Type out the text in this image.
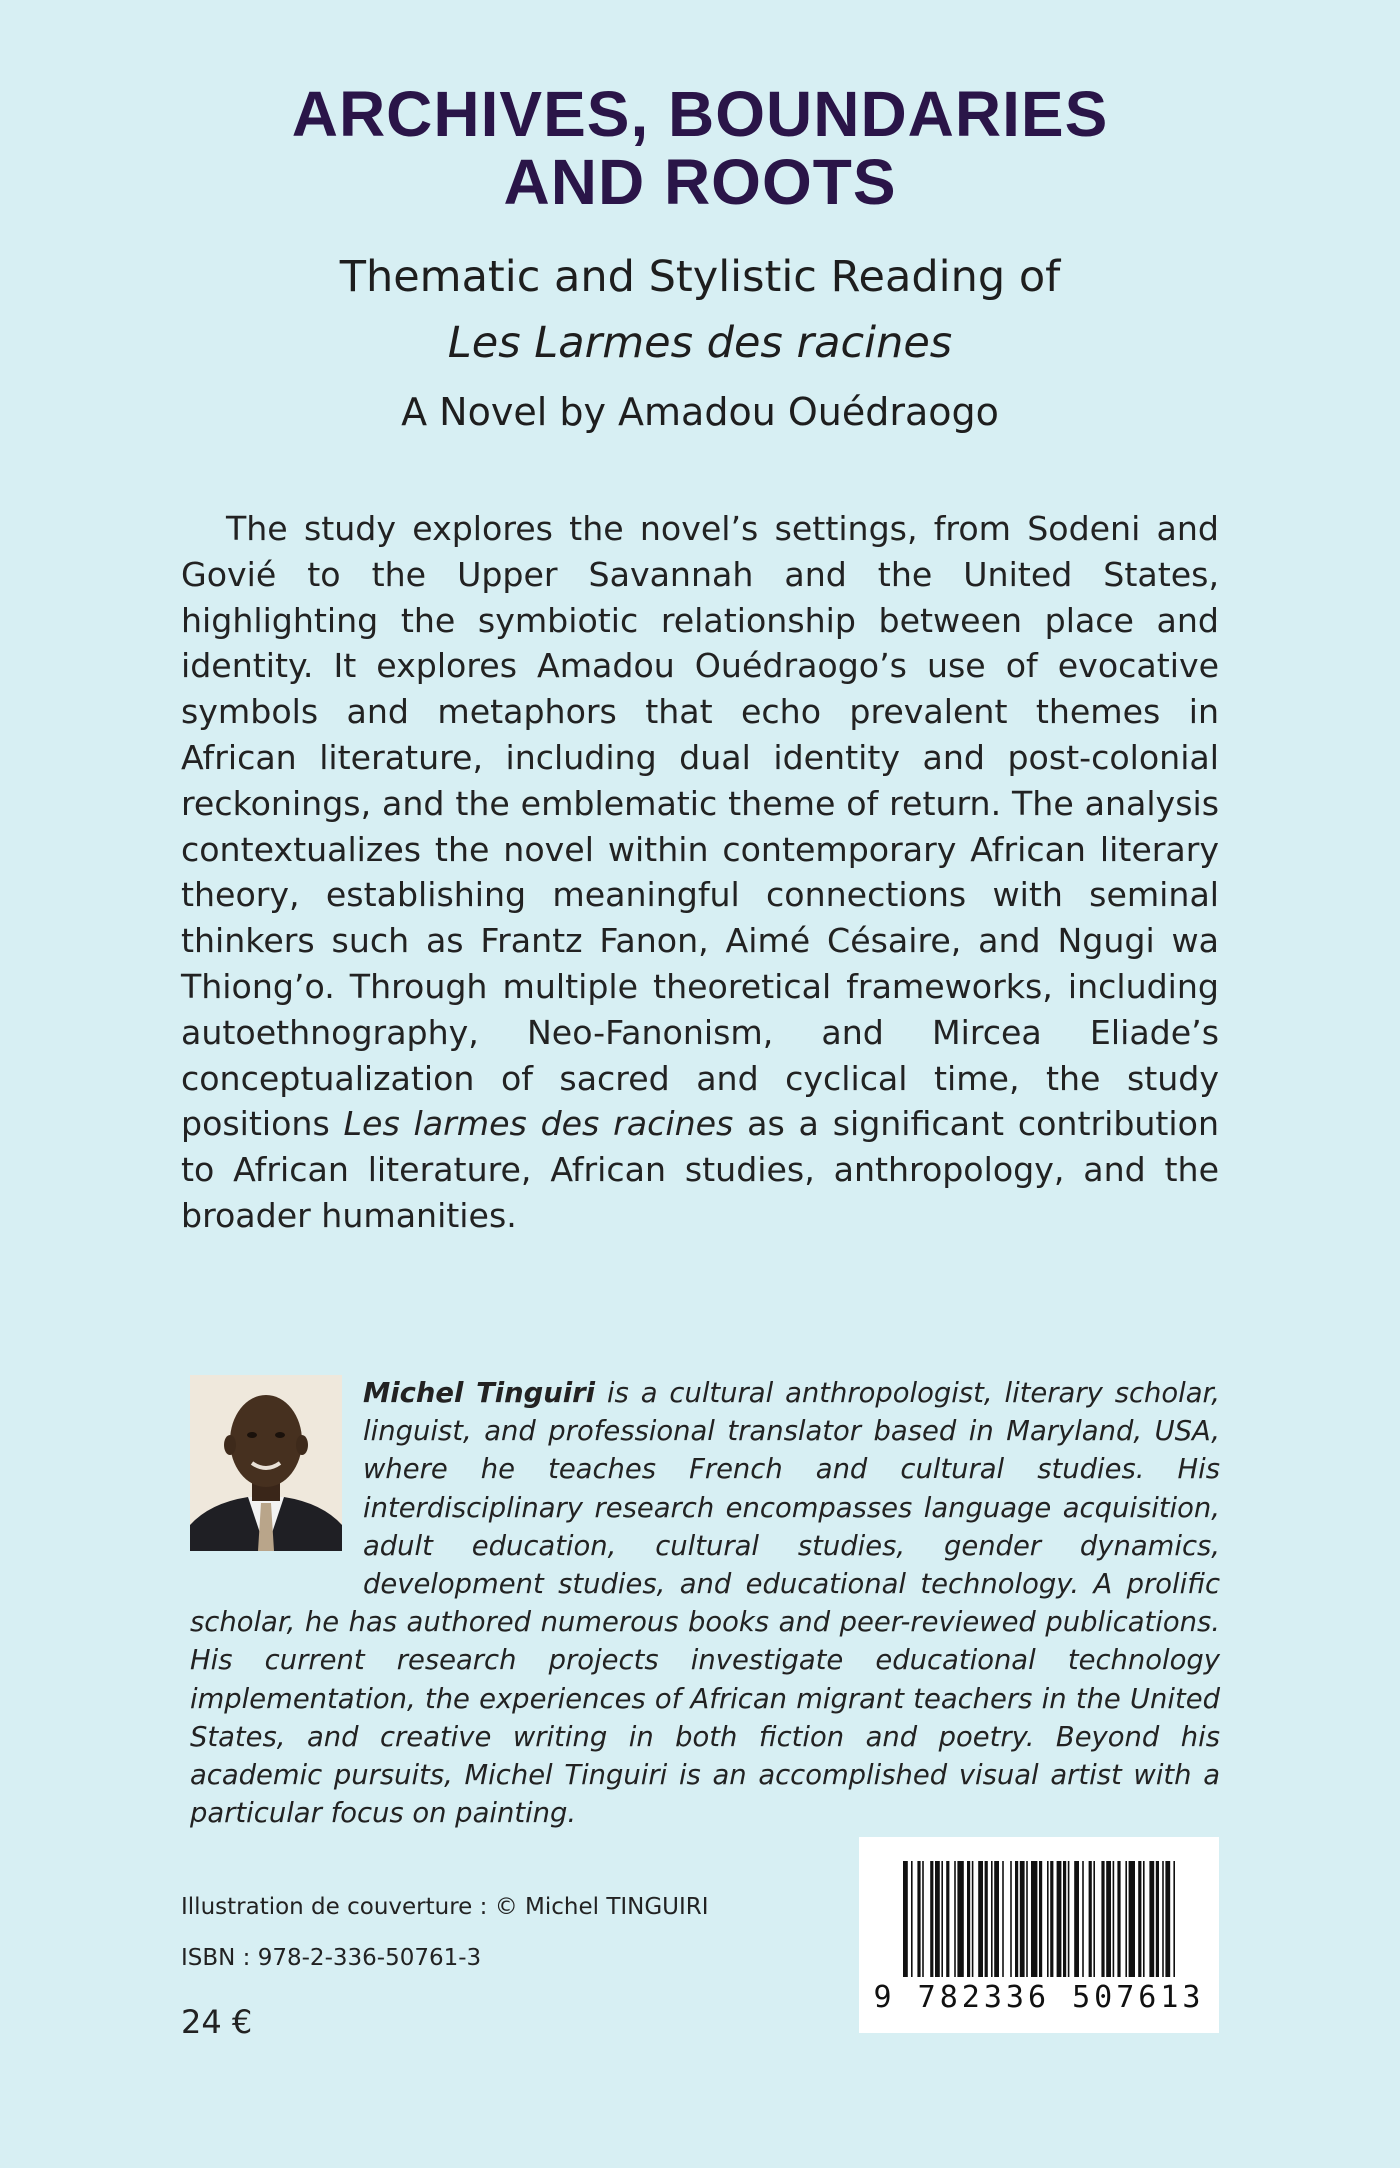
ARCHIVES, BOUNDARIES
AND ROOTS
Thematic and Stylistic Reading of
Les Larmes des racines
A Novel by Amadou Ouédraogo

The study explores the novel’s settings, from Sodeni and Govié to the Upper Savannah and the United States, highlighting the symbiotic relationship between place and identity. It explores Amadou Ouédraogo’s use of evocative symbols and metaphors that echo prevalent themes in African literature, including dual identity and post-colonial reckonings, and the emblematic theme of return. The analysis contextualizes the novel within contemporary African literary theory, establishing meaningful connections with seminal thinkers such as Frantz Fanon, Aimé Césaire, and Ngugi wa Thiong’o. Through multiple theoretical frameworks, including autoethnography, Neo-Fanonism, and Mircea Eliade’s conceptualization of sacred and cyclical time, the study positions Les larmes des racines as a significant contribution to African literature, African studies, anthropology, and the broader humanities.

Michel Tinguiri is a cultural anthropologist, literary scholar, linguist, and professional translator based in Maryland, USA, where he teaches French and cultural studies. His interdisciplinary research encompasses language acquisition, adult education, cultural studies, gender dynamics, development studies, and educational technology. A prolific scholar, he has authored numerous books and peer-reviewed publications. His current research projects investigate educational technology implementation, the experiences of African migrant teachers in the United States, and creative writing in both fiction and poetry. Beyond his academic pursuits, Michel Tinguiri is an accomplished visual artist with a particular focus on painting.

Illustration de couverture : © Michel TINGUIRI
ISBN : 978-2-336-50761-3
24 €
9 782336 507613
